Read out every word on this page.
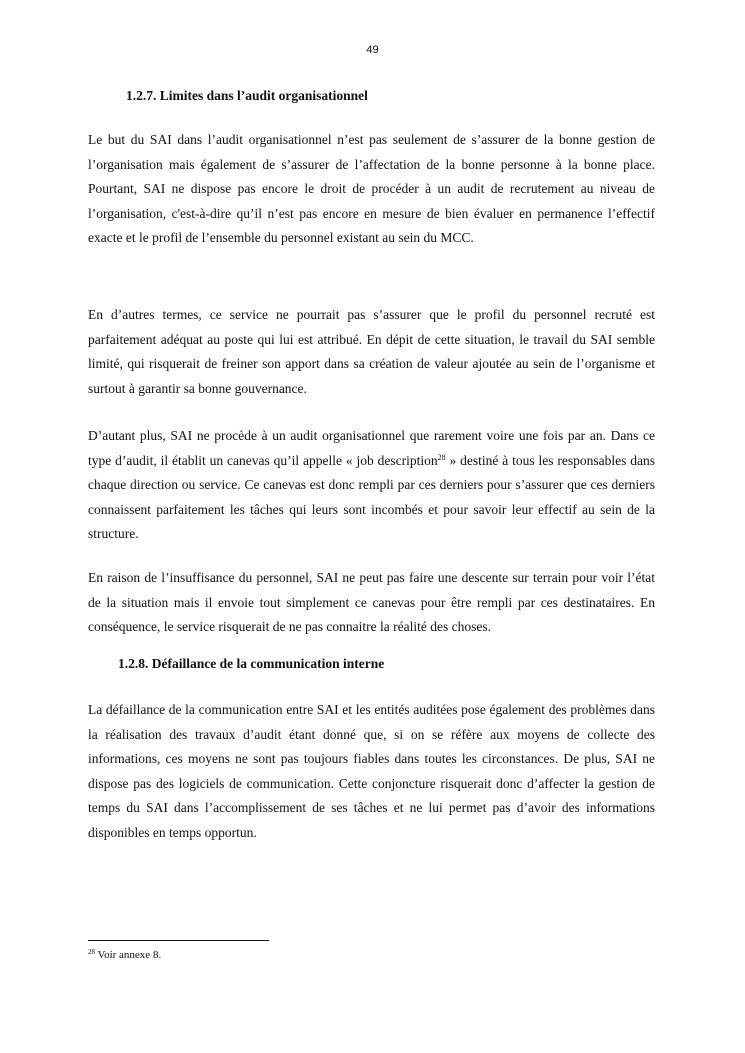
49
1.2.7. Limites dans l’audit organisationnel

Le but du SAI dans l’audit organisationnel n’est pas seulement de s’assurer de la bonne gestion de l’organisation mais également de s’assurer de l’affectation de la bonne personne à la bonne place. Pourtant, SAI ne dispose pas encore le droit de procéder à un audit de recrutement au niveau de l’organisation, c'est-à-dire qu’il n’est pas encore en mesure de bien évaluer en permanence l’effectif exacte et le profil de l’ensemble du personnel existant au sein du MCC.

En d’autres termes, ce service ne pourrait pas s’assurer que le profil du personnel recruté est parfaitement adéquat au poste qui lui est attribué. En dépit de cette situation, le travail du SAI semble limité, qui risquerait de freiner son apport dans sa création de valeur ajoutée au sein de l’organisme et surtout à garantir sa bonne gouvernance.

D’autant plus, SAI ne procède à un audit organisationnel que rarement voire une fois par an. Dans ce type d’audit, il établit un canevas qu’il appelle « job description$^{28}$ » destiné à tous les responsables dans chaque direction ou service. Ce canevas est donc rempli par ces derniers pour s’assurer que ces derniers connaissent parfaitement les tâches qui leurs sont incombés et pour savoir leur effectif au sein de la structure.

En raison de l’insuffisance du personnel, SAI ne peut pas faire une descente sur terrain pour voir l’état de la situation mais il envoie tout simplement ce canevas pour être rempli par ces destinataires. En conséquence, le service risquerait de ne pas connaitre la réalité des choses.

1.2.8. Défaillance de la communication interne

La défaillance de la communication entre SAI et les entités auditées pose également des problèmes dans la réalisation des travaux d’audit étant donné que, si on se réfère aux moyens de collecte des informations, ces moyens ne sont pas toujours fiables dans toutes les circonstances. De plus, SAI ne dispose pas des logiciels de communication. Cette conjoncture risquerait donc d’affecter la gestion de temps du SAI dans l’accomplissement de ses tâches et ne lui permet pas d’avoir des informations disponibles en temps opportun.

$^{28}$ Voir annexe 8.
